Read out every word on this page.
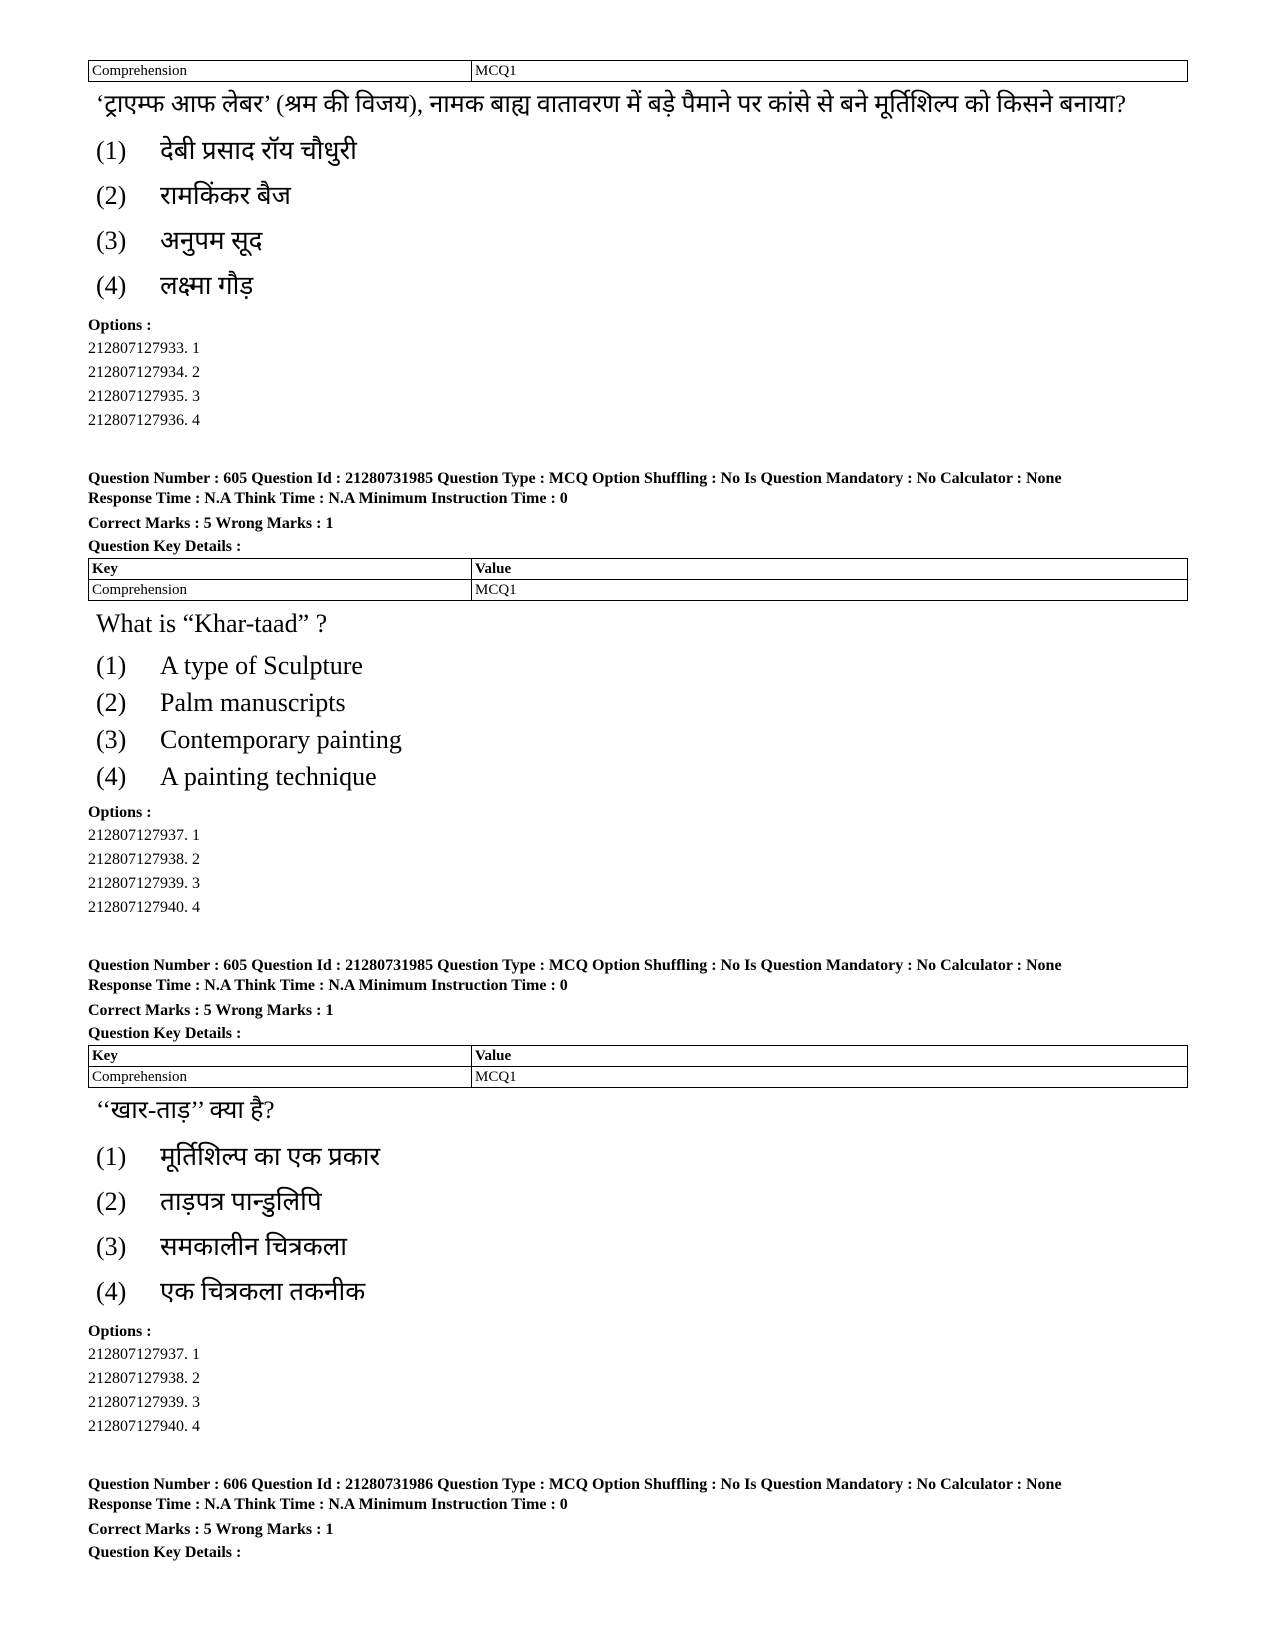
Comprehension	MCQ1
‘ट्राएम्फ आफ लेबर’ (श्रम की विजय), नामक बाह्य वातावरण में बड़े पैमाने पर कांसे से बने मूर्तिशिल्प को किसने बनाया?
(1)	देबी प्रसाद रॉय चौधुरी
(2)	रामकिंकर बैज
(3)	अनुपम सूद
(4)	लक्ष्मा गौड़
Options :
212807127933. 1
212807127934. 2
212807127935. 3
212807127936. 4
Question Number : 605 Question Id : 21280731985 Question Type : MCQ Option Shuffling : No Is Question Mandatory : No Calculator : None
Response Time : N.A Think Time : N.A Minimum Instruction Time : 0
Correct Marks : 5 Wrong Marks : 1
Question Key Details :
Key	Value
Comprehension	MCQ1
What is “Khar-taad” ?
(1)	A type of Sculpture
(2)	Palm manuscripts
(3)	Contemporary painting
(4)	A painting technique
Options :
212807127937. 1
212807127938. 2
212807127939. 3
212807127940. 4
Question Number : 605 Question Id : 21280731985 Question Type : MCQ Option Shuffling : No Is Question Mandatory : No Calculator : None
Response Time : N.A Think Time : N.A Minimum Instruction Time : 0
Correct Marks : 5 Wrong Marks : 1
Question Key Details :
Key	Value
Comprehension	MCQ1
‘‘खार-ताड़’’ क्या है?
(1)	मूर्तिशिल्प का एक प्रकार
(2)	ताड़पत्र पान्डुलिपि
(3)	समकालीन चित्रकला
(4)	एक चित्रकला तकनीक
Options :
212807127937. 1
212807127938. 2
212807127939. 3
212807127940. 4
Question Number : 606 Question Id : 21280731986 Question Type : MCQ Option Shuffling : No Is Question Mandatory : No Calculator : None
Response Time : N.A Think Time : N.A Minimum Instruction Time : 0
Correct Marks : 5 Wrong Marks : 1
Question Key Details :
